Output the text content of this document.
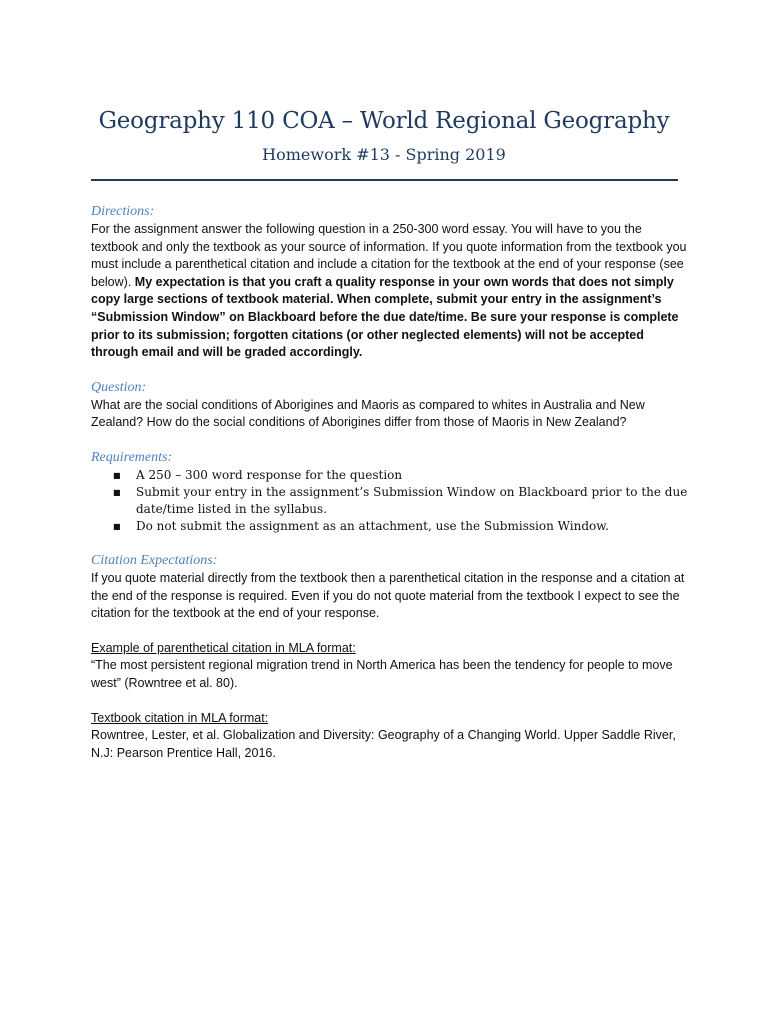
Geography 110 COA – World Regional Geography
Homework #13 - Spring 2019

Directions:

For the assignment answer the following question in a 250-300 word essay. You will have to you the textbook and only the textbook as your source of information. If you quote information from the textbook you must include a parenthetical citation and include a citation for the textbook at the end of your response (see below). My expectation is that you craft a quality response in your own words that does not simply copy large sections of textbook material. When complete, submit your entry in the assignment’s “Submission Window” on Blackboard before the due date/time. Be sure your response is complete prior to its submission; forgotten citations (or other neglected elements) will not be accepted through email and will be graded accordingly.

Question:

What are the social conditions of Aborigines and Maoris as compared to whites in Australia and New Zealand? How do the social conditions of Aborigines differ from those of Maoris in New Zealand?

Requirements:

■ A 250 – 300 word response for the question
■ Submit your entry in the assignment’s Submission Window on Blackboard prior to the due date/time listed in the syllabus.
■ Do not submit the assignment as an attachment, use the Submission Window.

Citation Expectations:

If you quote material directly from the textbook then a parenthetical citation in the response and a citation at the end of the response is required. Even if you do not quote material from the textbook I expect to see the citation for the textbook at the end of your response.

Example of parenthetical citation in MLA format:

“The most persistent regional migration trend in North America has been the tendency for people to move west” (Rowntree et al. 80).

Textbook citation in MLA format:

Rowntree, Lester, et al. Globalization and Diversity: Geography of a Changing World. Upper Saddle River, N.J: Pearson Prentice Hall, 2016.
